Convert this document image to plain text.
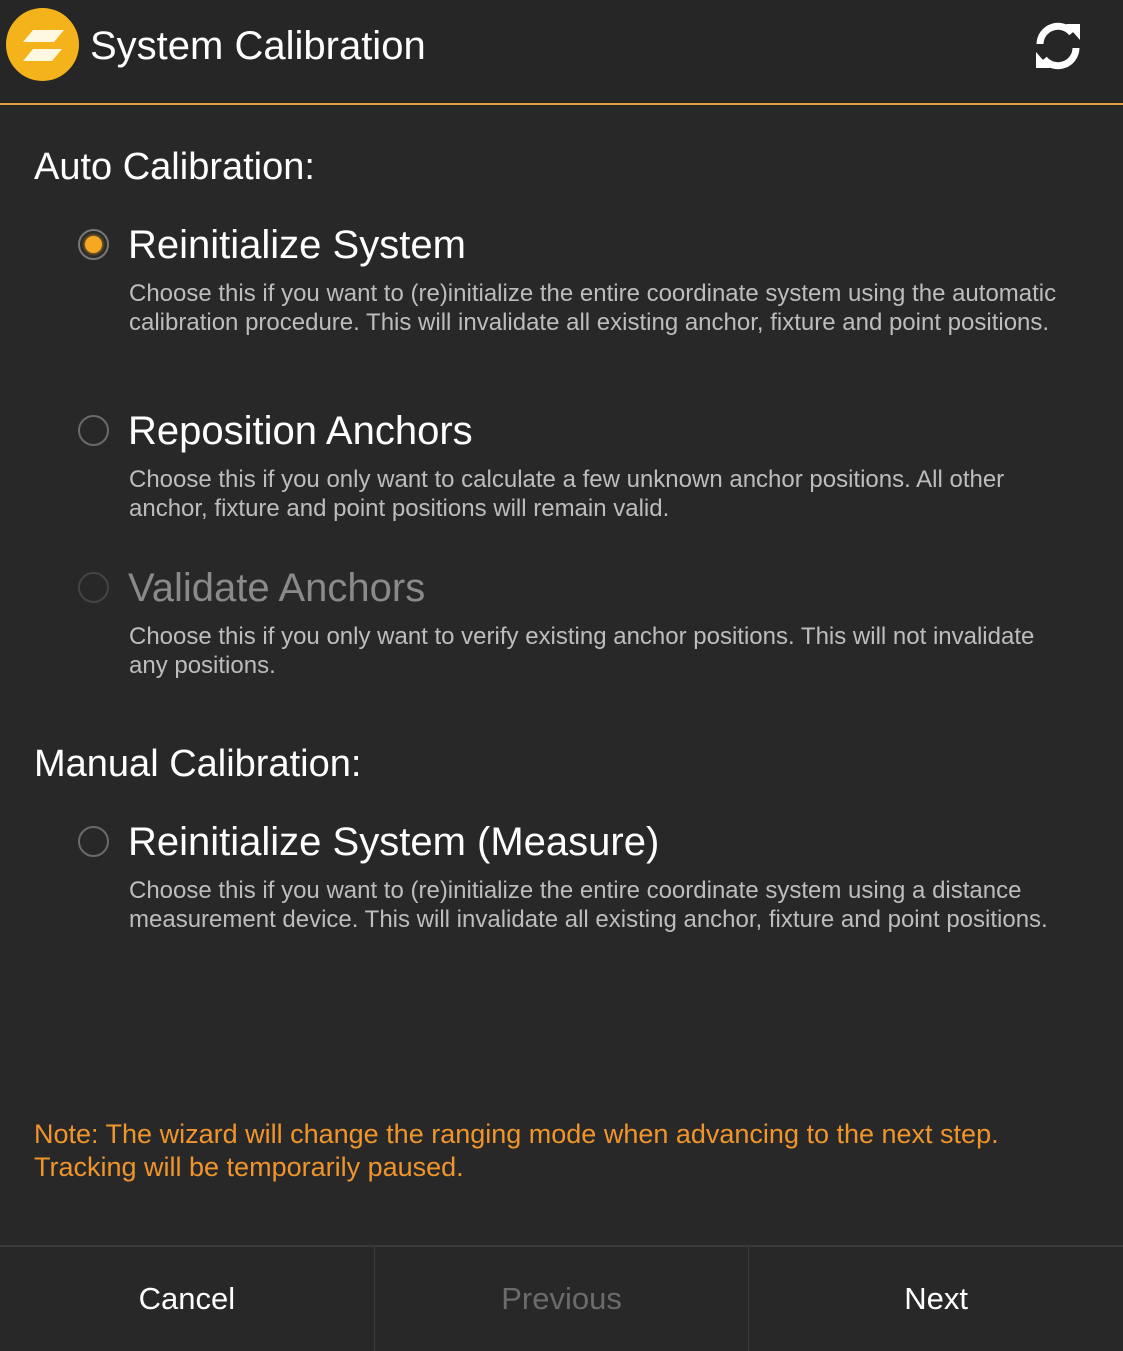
System Calibration
Auto Calibration:
Reinitialize System
Choose this if you want to (re)initialize the entire coordinate system using the automatic calibration procedure. This will invalidate all existing anchor, fixture and point positions.
Reposition Anchors
Choose this if you only want to calculate a few unknown anchor positions. All other anchor, fixture and point positions will remain valid.
Validate Anchors
Choose this if you only want to verify existing anchor positions. This will not invalidate any positions.
Manual Calibration:
Reinitialize System (Measure)
Choose this if you want to (re)initialize the entire coordinate system using a distance measurement device. This will invalidate all existing anchor, fixture and point positions.
Note: The wizard will change the ranging mode when advancing to the next step. Tracking will be temporarily paused.
Cancel	Previous	Next
